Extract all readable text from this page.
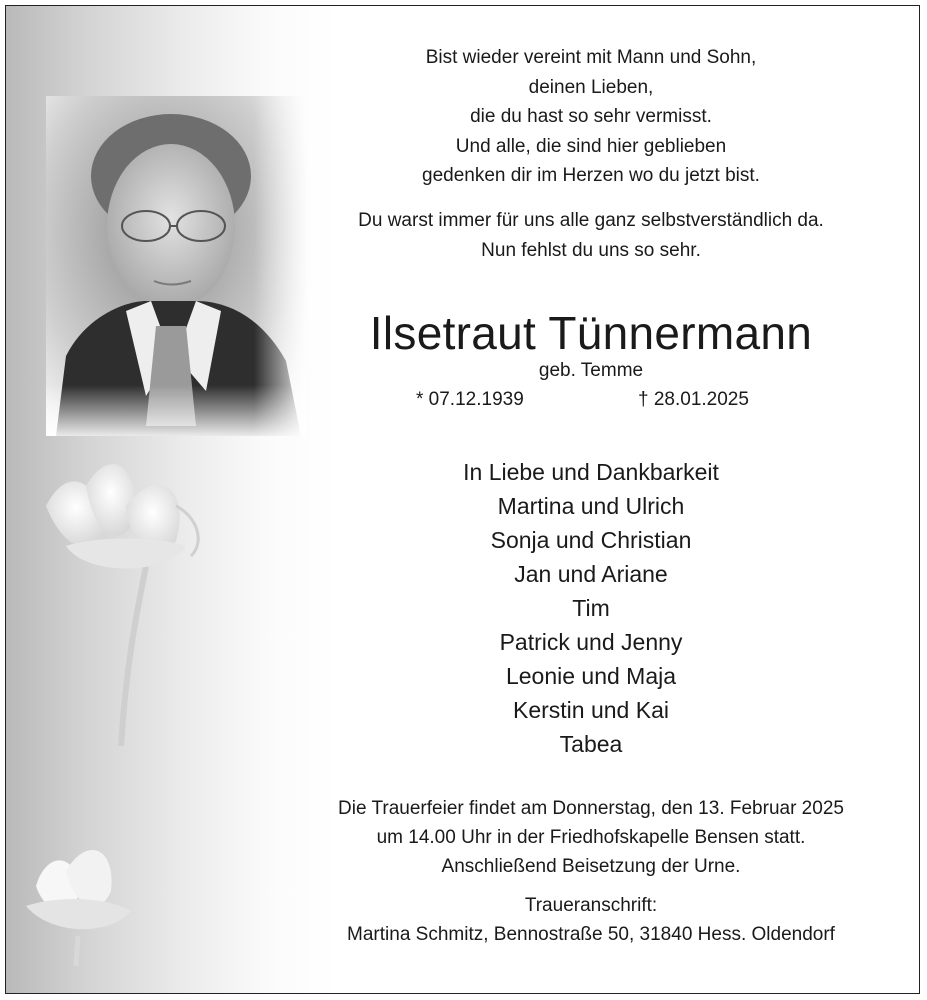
Bist wieder vereint mit Mann und Sohn,
deinen Lieben,
die du hast so sehr vermisst.
Und alle, die sind hier geblieben
gedenken dir im Herzen wo du jetzt bist.
Du warst immer für uns alle ganz selbstverständlich da.
Nun fehlst du uns so sehr.
Ilsetraut Tünnermann
geb. Temme
* 07.12.1939	† 28.01.2025
In Liebe und Dankbarkeit
Martina und Ulrich
Sonja und Christian
Jan und Ariane
Tim
Patrick und Jenny
Leonie und Maja
Kerstin und Kai
Tabea
Die Trauerfeier findet am Donnerstag, den 13. Februar 2025
um 14.00 Uhr in der Friedhofskapelle Bensen statt.
Anschließend Beisetzung der Urne.
Traueranschrift:
Martina Schmitz, Bennostraße 50, 31840 Hess. Oldendorf
